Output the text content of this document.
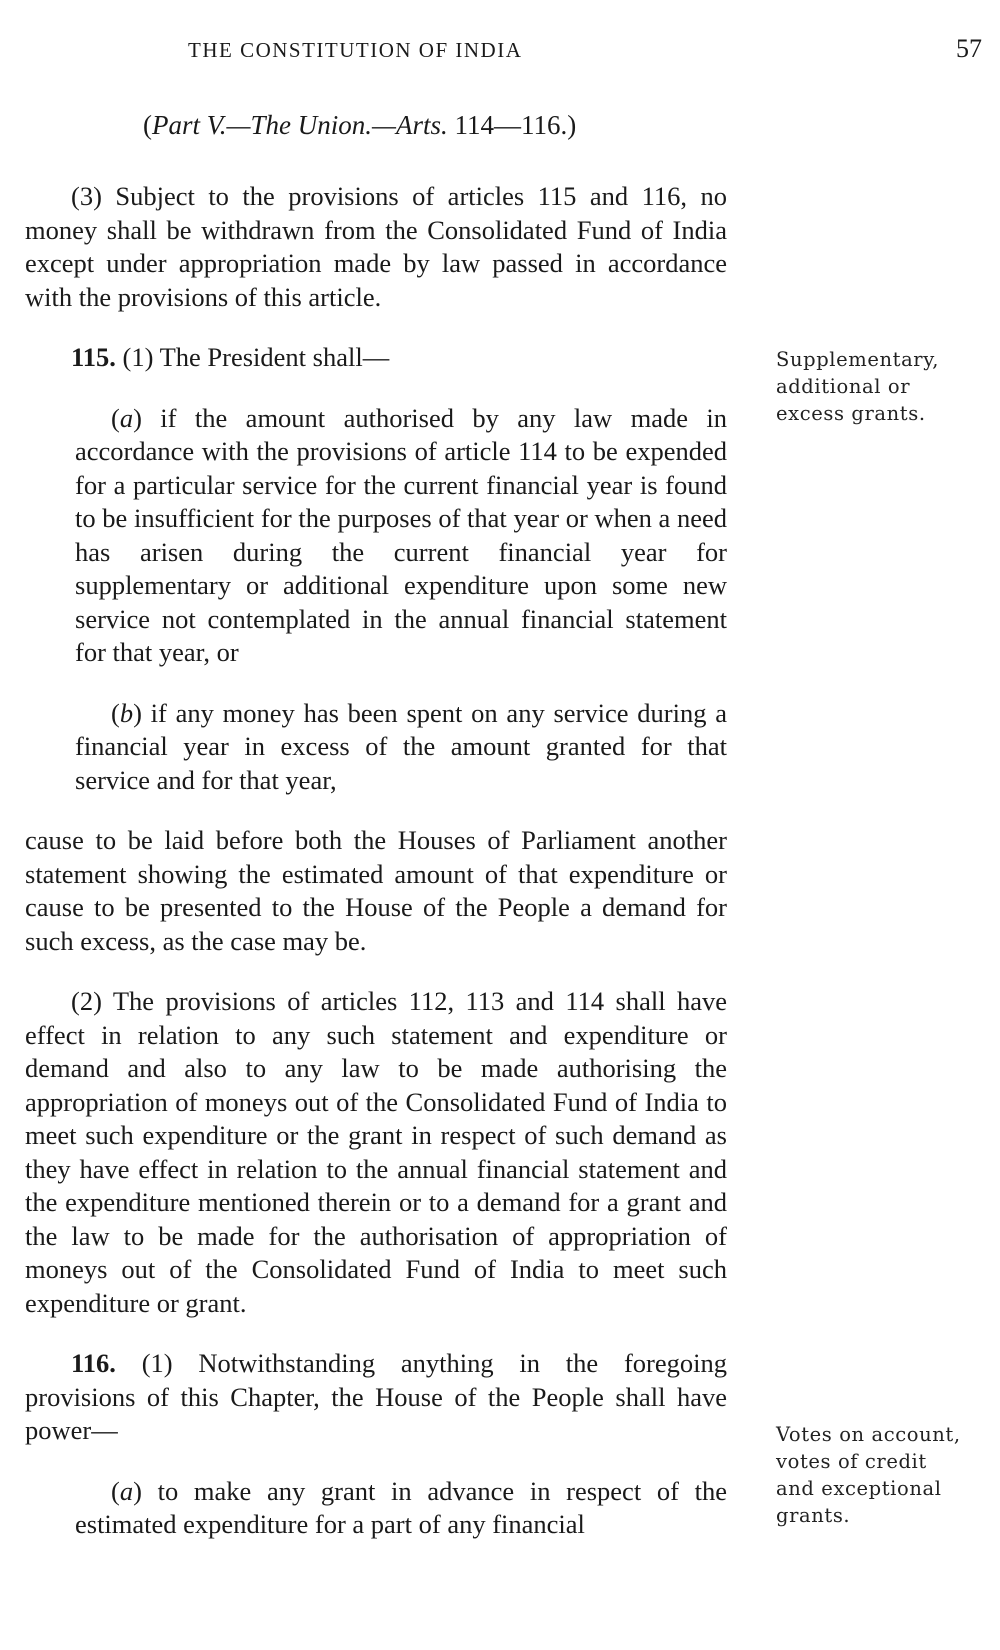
THE CONSTITUTION OF INDIA	57
(Part V.—The Union.—Arts. 114—116.)

(3) Subject to the provisions of articles 115 and 116, no money shall be withdrawn from the Consolidated Fund of India except under appropriation made by law passed in accordance with the provisions of this article.

115. (1) The President shall—

(a) if the amount authorised by any law made in accordance with the provisions of article 114 to be expended for a particular service for the current financial year is found to be insufficient for the purposes of that year or when a need has arisen during the current financial year for supplementary or additional expenditure upon some new service not contemplated in the annual financial statement for that year, or

(b) if any money has been spent on any service during a financial year in excess of the amount granted for that service and for that year,

cause to be laid before both the Houses of Parliament another statement showing the estimated amount of that expenditure or cause to be presented to the House of the People a demand for such excess, as the case may be.

(2) The provisions of articles 112, 113 and 114 shall have effect in relation to any such statement and expenditure or demand and also to any law to be made authorising the appropriation of moneys out of the Consolidated Fund of India to meet such expenditure or the grant in respect of such demand as they have effect in relation to the annual financial statement and the expenditure mentioned therein or to a demand for a grant and the law to be made for the authorisation of appropriation of moneys out of the Consolidated Fund of India to meet such expenditure or grant.

116. (1) Notwithstanding anything in the foregoing provisions of this Chapter, the House of the People shall have power—

(a) to make any grant in advance in respect of the estimated expenditure for a part of any financial

Supplementary,
additional or
excess grants.
Votes on account,
votes of credit
and exceptional
grants.
